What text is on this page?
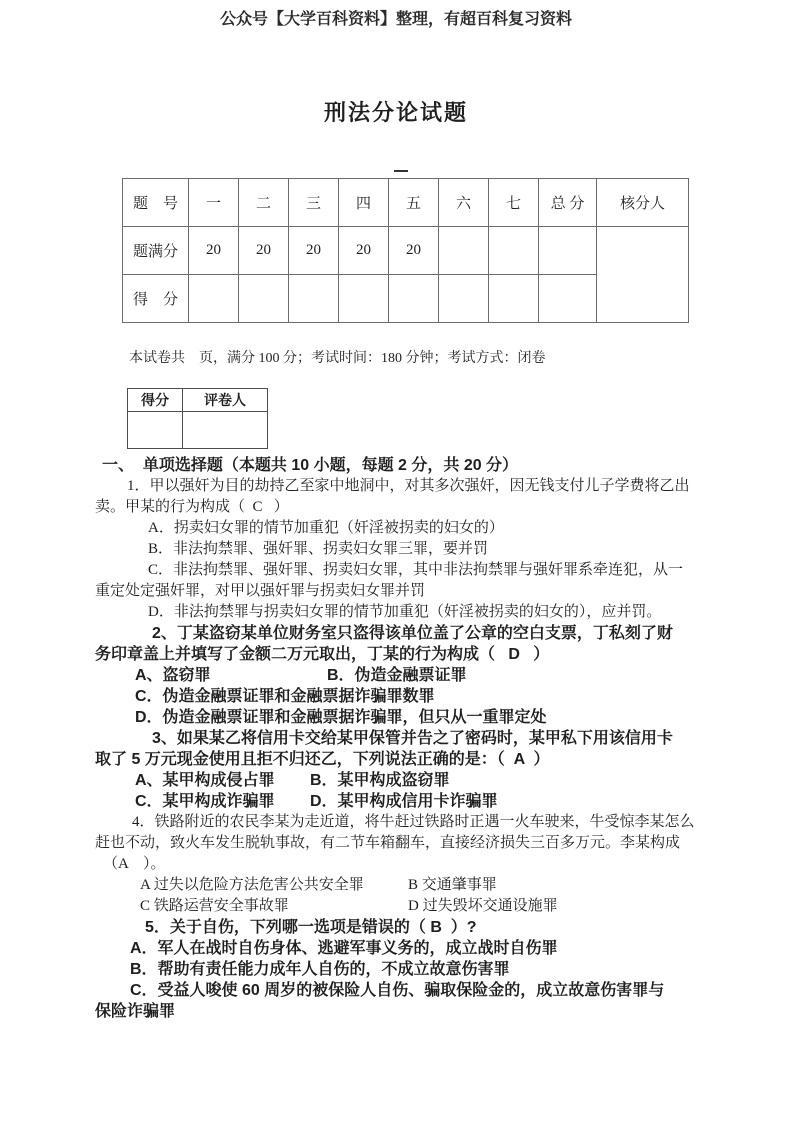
公众号【大学百科资料】整理，有超百科复习资料
刑法分论试题
题　号	一	二	三	四	五	六	七	总 分	核分人
题满分	20	20	20	20	20				
得　分									
本试卷共    页，满分 100 分；考试时间：180 分钟；考试方式：闭卷
得分	评卷人

一、  单项选择题（本题共 10 小题，每题 2 分，共 20 分）
1．甲以强奸为目的劫持乙至家中地洞中，对其多次强奸，因无钱支付儿子学费将乙出
卖。甲某的行为构成（  C   ）
A．拐卖妇女罪的情节加重犯（奸淫被拐卖的妇女的）
B．非法拘禁罪、强奸罪、拐卖妇女罪三罪，要并罚
C．非法拘禁罪、强奸罪、拐卖妇女罪，其中非法拘禁罪与强奸罪系牵连犯，从一
重定处定强奸罪，对甲以强奸罪与拐卖妇女罪并罚
D．非法拘禁罪与拐卖妇女罪的情节加重犯（奸淫被拐卖的妇女的），应并罚。
2、丁某盗窃某单位财务室只盗得该单位盖了公章的空白支票，丁私刻了财
务印章盖上并填写了金额二万元取出，丁某的行为构成（   D   ）

A、盗窃罪

	B．伪造金融票证罪

C．伪造金融票证罪和金融票据诈骗罪数罪
D．伪造金融票证罪和金融票据诈骗罪，但只从一重罪定处
3、如果某乙将信用卡交给某甲保管并告之了密码时，某甲私下用该信用卡
取了 5 万元现金使用且拒不归还乙，下列说法正确的是：（  A  ）

A、某甲构成侵占罪

B．某甲构成盗窃罪

C．某甲构成诈骗罪

D．某甲构成信用卡诈骗罪

4．铁路附近的农民李某为走近道，将牛赶过铁路时正遇一火车驶来，牛受惊李某怎么
赶也不动，致火车发生脱轨事故，有二节车箱翻车，直接经济损失三百多万元。李某构成
（A    ）。

A 过失以危险方法危害公共安全罪

	B 交通肇事罪

C 铁路运营安全事故罪

	D 过失毁坏交通设施罪

5．关于自伤，下列哪一选项是错误的（ B  ）?
A．军人在战时自伤身体、逃避军事义务的，成立战时自伤罪
B．帮助有责任能力成年人自伤的，不成立故意伤害罪
C．受益人唆使 60 周岁的被保险人自伤、骗取保险金的，成立故意伤害罪与
保险诈骗罪
